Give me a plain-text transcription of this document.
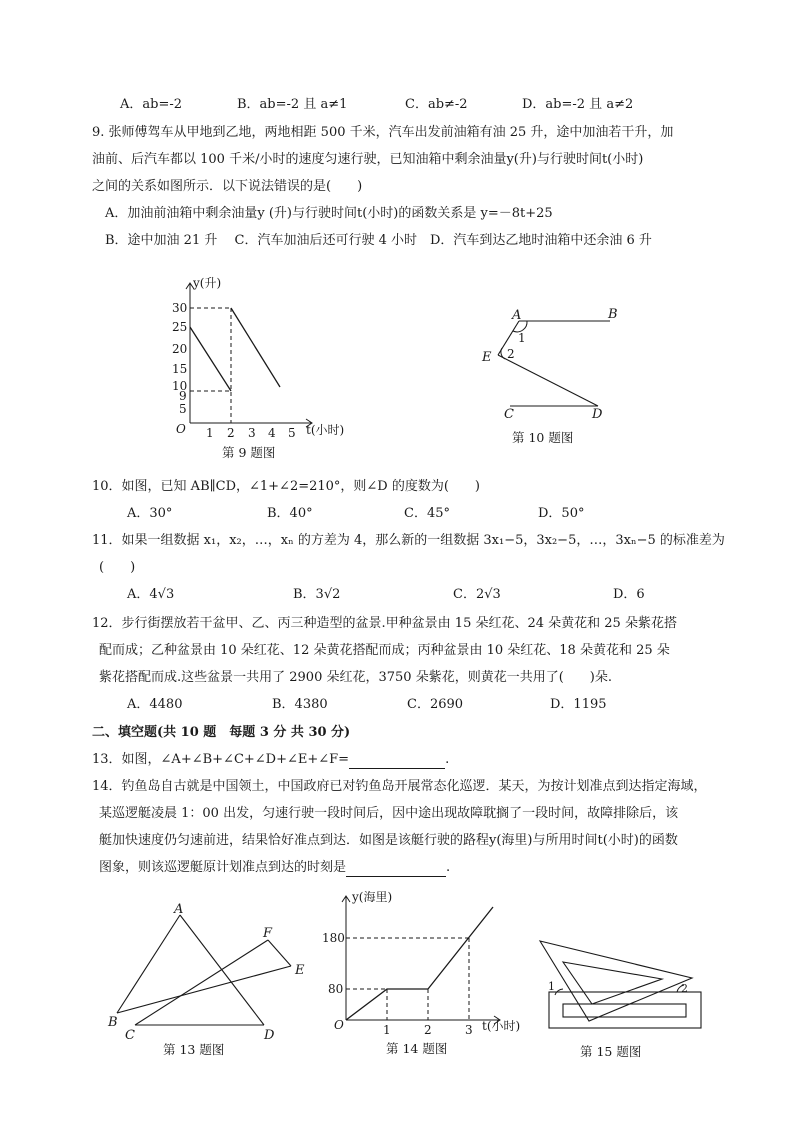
A．ab=-2	B．ab=-2 且 a≠1	C．ab≠-2	D．ab=-2 且 a≠2
9. 张师傅驾车从甲地到乙地，两地相距 500 千米，汽车出发前油箱有油 25 升，途中加油若干升，加
油前、后汽车都以 100 千米/小时的速度匀速行驶，已知油箱中剩余油量y(升)与行驶时间t(小时)
之间的关系如图所示．以下说法错误的是(　　)
A．加油前油箱中剩余油量y (升)与行驶时间t(小时)的函数关系是 y=－8t+25
B．途中加油 21 升　 C．汽车加油后还可行驶 4 小时　D．汽车到达乙地时油箱中还余油 6 升
y(升)
t(小时)
O
30
25
20
15
10
9
5
1 2 3 4 5
A	B
1
E 2
C	D
A
F
E
B
C	D
y(海里)
t(小时)
O
180
80
1	2	3
1	2
第 9 题图
第 10 题图
10．如图，已知 AB∥CD，∠1+∠2=210°，则∠D 的度数为(　　)
A．30°	B．40°	C．45°	D．50°
11．如果一组数据 x₁，x₂，…，xₙ 的方差为 4，那么新的一组数据 3x₁−5，3x₂−5，…，3xₙ−5 的标准差为
(　　)
A．4√3	B．3√2	C．2√3	D．6
12．步行街摆放若干盆甲、乙、丙三种造型的盆景.甲种盆景由 15 朵红花、24 朵黄花和 25 朵紫花搭
配而成；乙种盆景由 10 朵红花、12 朵黄花搭配而成；丙种盆景由 10 朵红花、18 朵黄花和 25 朵
紫花搭配而成.这些盆景一共用了 2900 朵红花，3750 朵紫花，则黄花一共用了(　　)朵.
A．4480	B．4380	C．2690	D．1195
二、填空题(共 10 题　每题 3 分 共 30 分)
13．如图，∠A+∠B+∠C+∠D+∠E+∠F=	.
14．钓鱼岛自古就是中国领土，中国政府已对钓鱼岛开展常态化巡逻．某天，为按计划准点到达指定海域，
某巡逻艇凌晨 1：00 出发，匀速行驶一段时间后，因中途出现故障耽搁了一段时间，故障排除后，该
艇加快速度仍匀速前进，结果恰好准点到达．如图是该艇行驶的路程y(海里)与所用时间t(小时)的函数
图象，则该巡逻艇原计划准点到达的时刻是	.
第 13 题图	第 14 题图	第 15 题图
